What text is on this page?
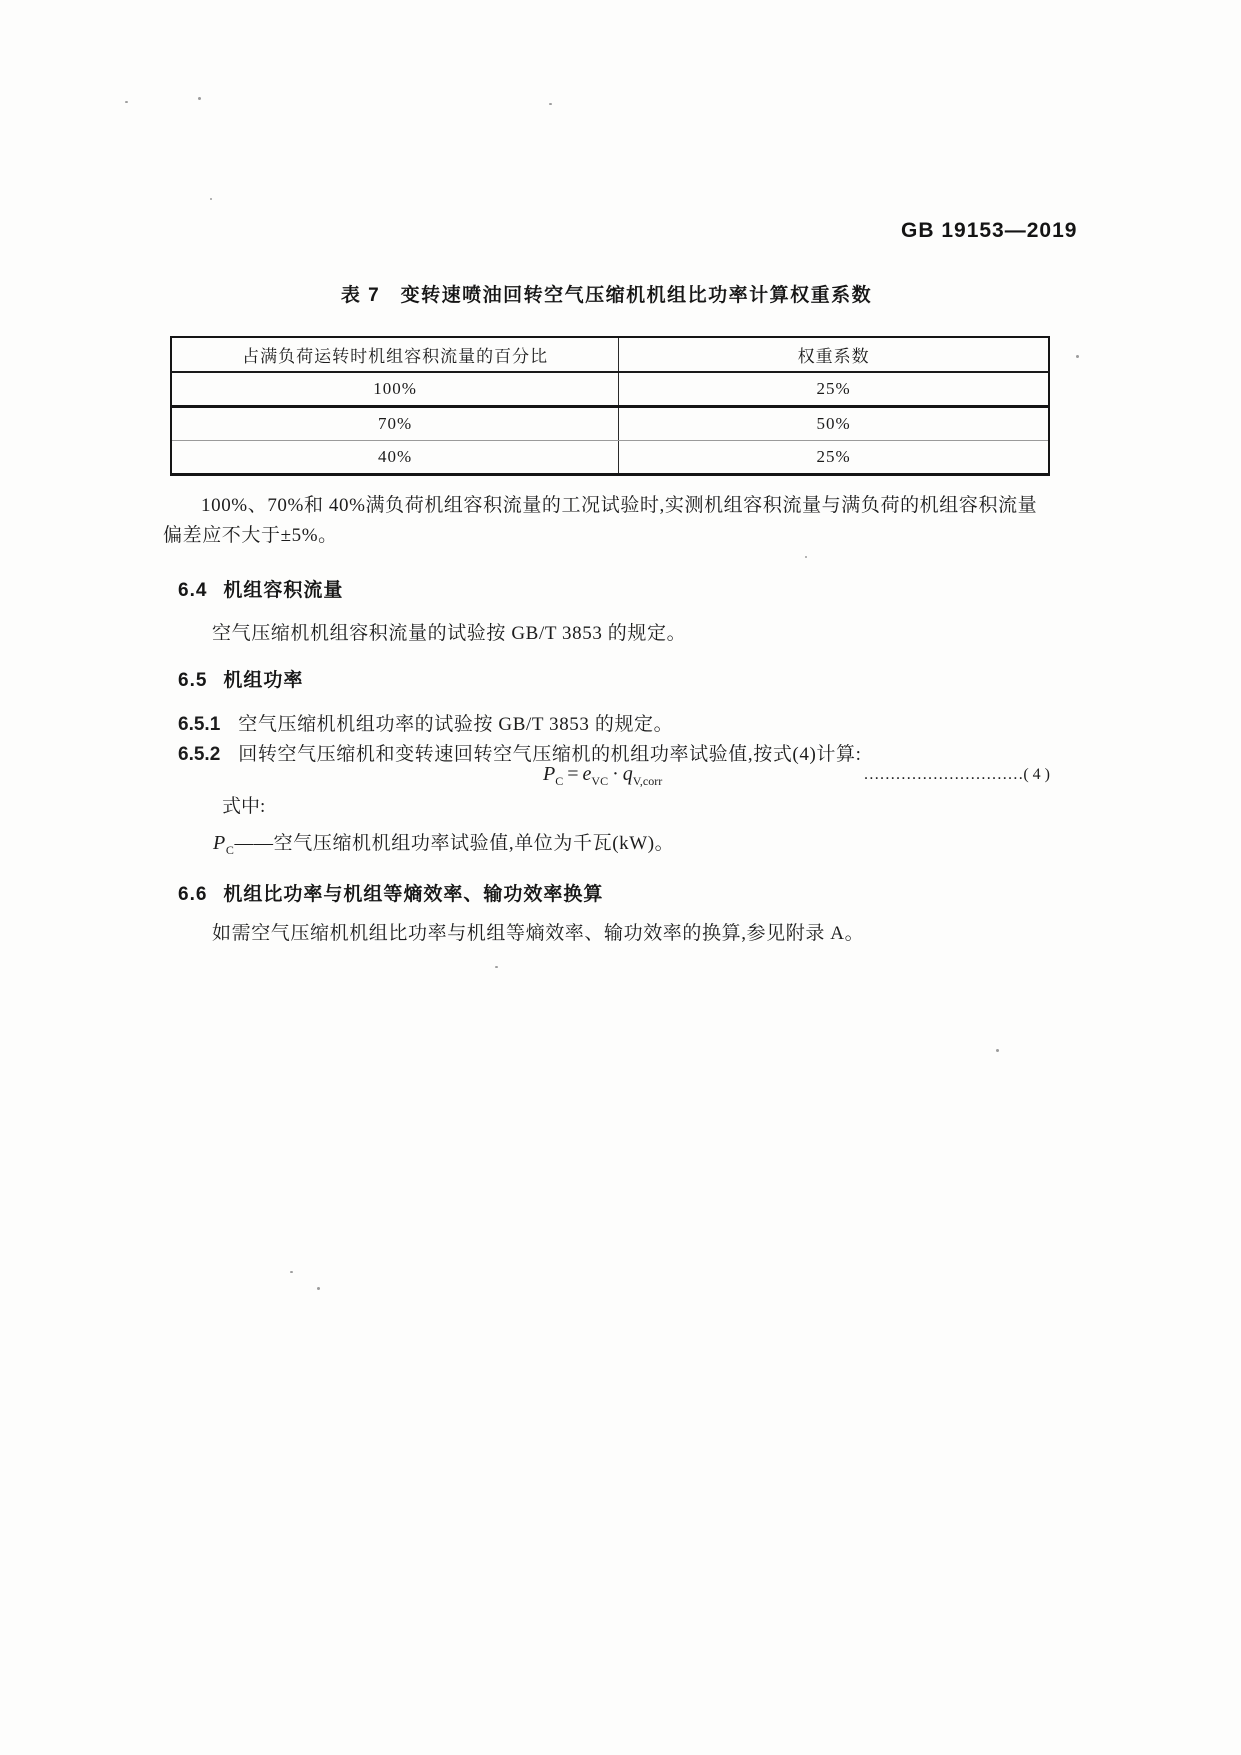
GB 19153—2019
表 7　变转速喷油回转空气压缩机机组比功率计算权重系数
占满负荷运转时机组容积流量的百分比	权重系数
100%	25%
70%	50%
40%	25%
100%、70%和 40%满负荷机组容积流量的工况试验时,实测机组容积流量与满负荷的机组容积流量偏差应不大于±5%。
6.4 机组容积流量
空气压缩机机组容积流量的试验按 GB/T 3853 的规定。
6.5 机组功率
6.5.1 空气压缩机机组功率的试验按 GB/T 3853 的规定。
6.5.2 回转空气压缩机和变转速回转空气压缩机的机组功率试验值,按式(4)计算:
$P_C = e_{VC} \cdot q_{V,corr}$	…………………………( 4 )
式中:
$P_C——$空气压缩机机组功率试验值,单位为千瓦(kW)。
6.6 机组比功率与机组等熵效率、输功效率换算
如需空气压缩机机组比功率与机组等熵效率、输功效率的换算,参见附录 A。
